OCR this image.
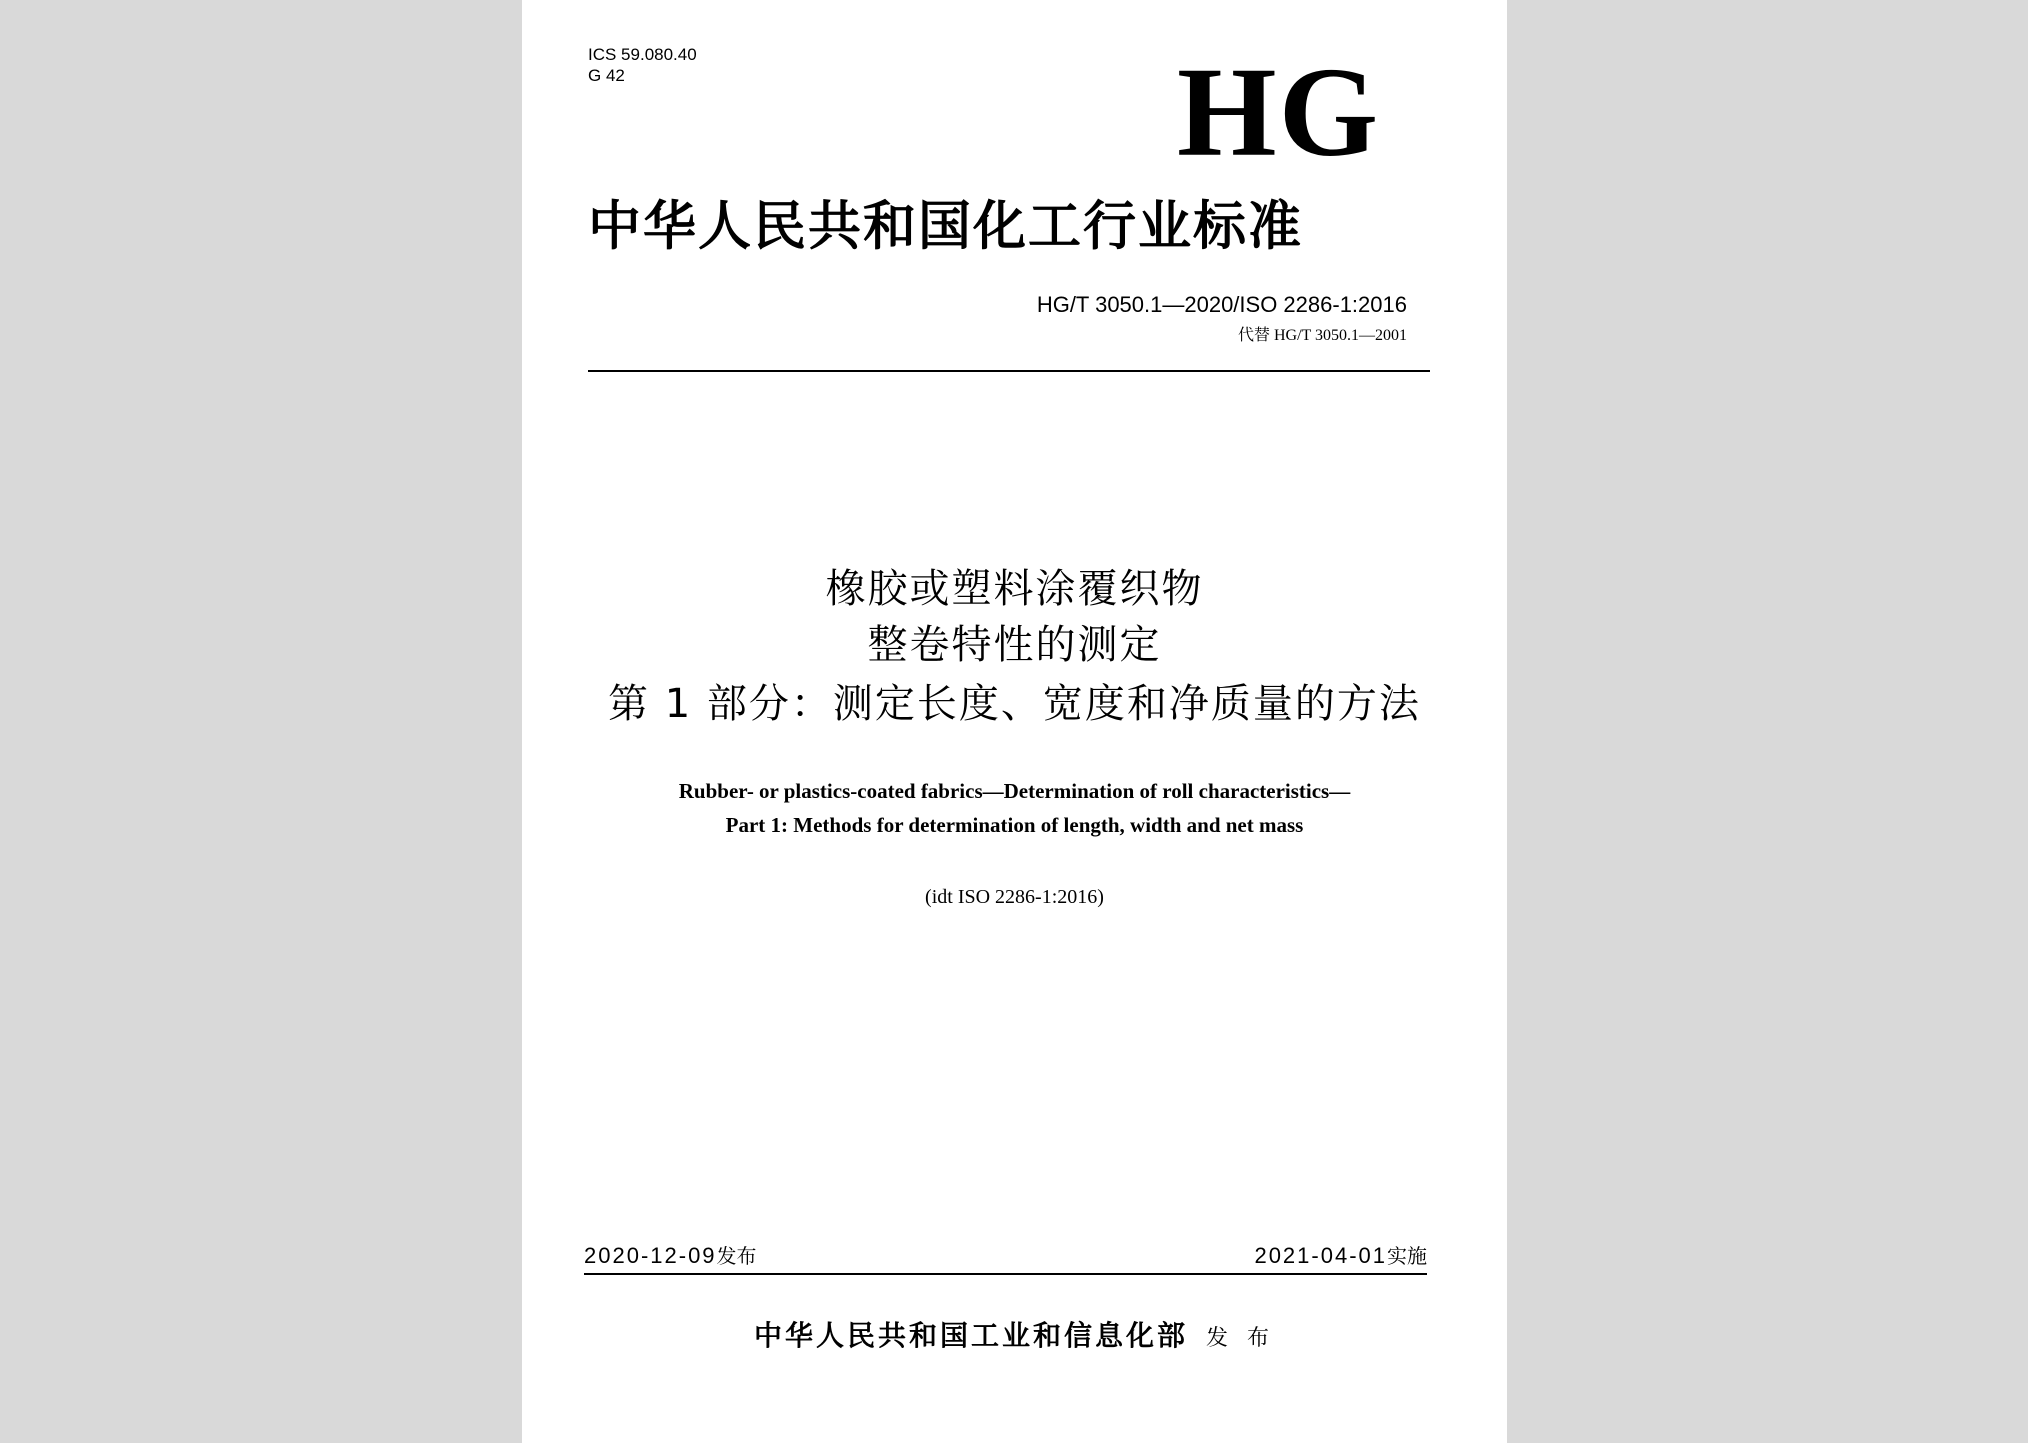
ICS 59.080.40
G 42	HG
中华人民共和国化工行业标准
HG/T 3050.1—2020/ISO 2286-1:2016
代替 HG/T 3050.1—2001
橡胶或塑料涂覆织物
整卷特性的测定
第 1 部分：测定长度、宽度和净质量的方法
Rubber- or plastics-coated fabrics—Determination of roll characteristics—
Part 1: Methods for determination of length, width and net mass
(idt ISO 2286-1:2016)
2020-12-09发布	2021-04-01实施
中华人民共和国工业和信息化部 发 布
